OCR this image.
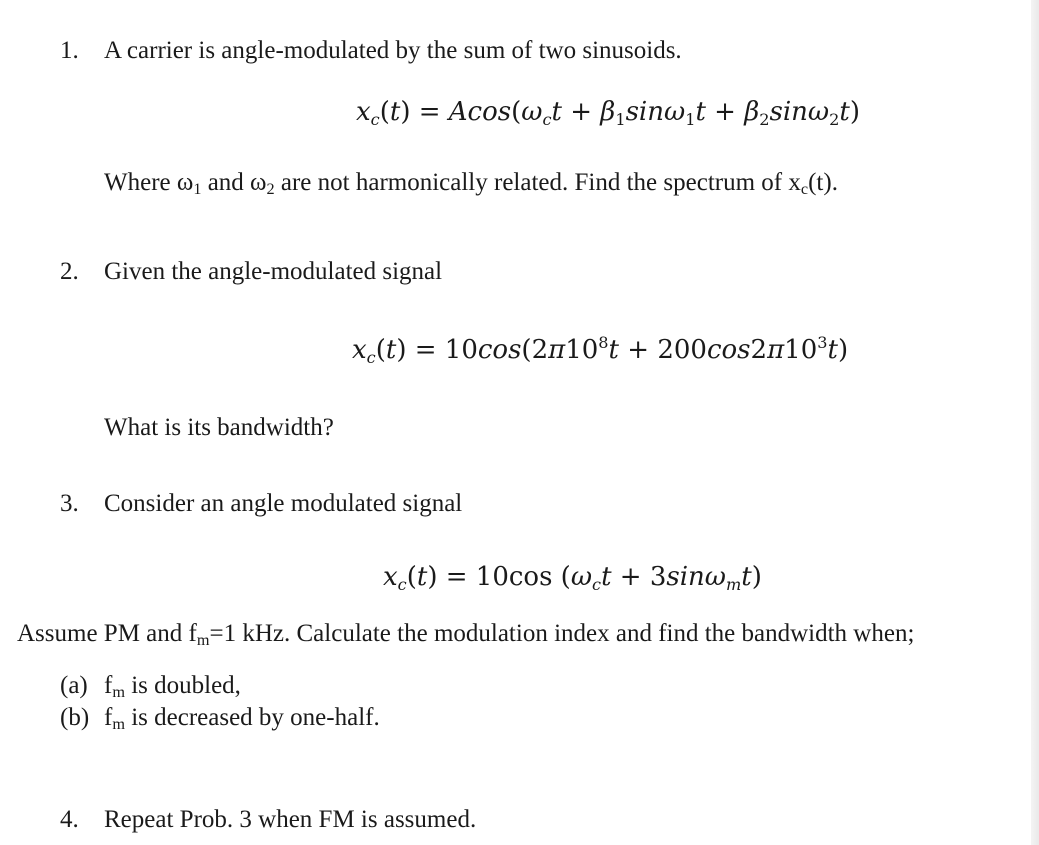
1. A carrier is angle-modulated by the sum of two sinusoids.
$x_c(t) = Acos(\omega_ct + \beta_1\sin\omega_1t + \beta_2\sin\omega_2t)$
Where ω1 and ω2 are not harmonically related. Find the spectrum of xc(t).
2. Given the angle-modulated signal
$x_c(t) = 10\cos(2\pi 10^8t + 200\cos 2\pi 10^3t)$
What is its bandwidth?
3. Consider an angle modulated signal
$x_c(t) = 10\cos$ $(\omega_ct + 3\sin\omega_mt)$
Assume PM and fm=1 kHz. Calculate the modulation index and find the bandwidth when;
(a) fm is doubled,
(b) fm is decreased by one-half.
4. Repeat Prob. 3 when FM is assumed.
